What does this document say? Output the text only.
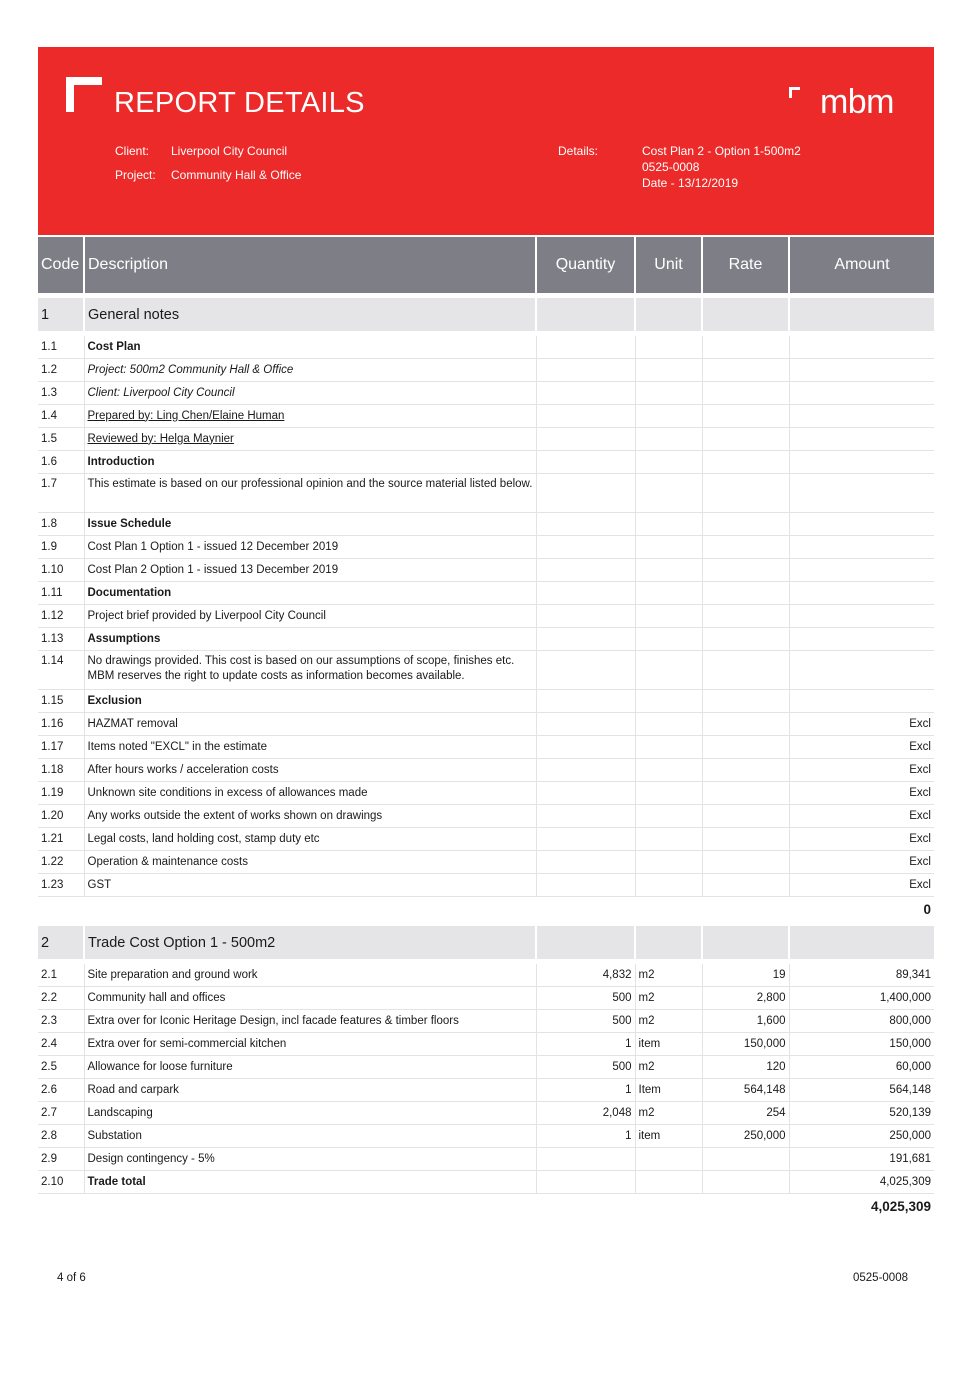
REPORT DETAILS	mbm
Client: Liverpool City Council
Project: Community Hall & Office
Details:	Cost Plan 2 - Option 1-500m2
0525-0008
Date - 13/12/2019
Code	Description	Quantity	Unit	Rate	Amount

1	General notes				

1.1	Cost Plan				
1.2	Project: 500m2 Community Hall & Office				
1.3	Client: Liverpool City Council				
1.4	Prepared by: Ling Chen/Elaine Human				
1.5	Reviewed by: Helga Maynier				
1.6	Introduction				
1.7	This estimate is based on our professional opinion and the source material listed below.				
1.8	Issue Schedule				
1.9	Cost Plan 1 Option 1 - issued 12 December 2019				
1.10	Cost Plan 2 Option 1 - issued 13 December 2019				
1.11	Documentation				
1.12	Project brief provided by Liverpool City Council				
1.13	Assumptions				
1.14	No drawings provided. This cost is based on our assumptions of scope, finishes etc. MBM reserves the right to update costs as information becomes available.				
1.15	Exclusion				
1.16	HAZMAT removal				Excl
1.17	Items noted "EXCL" in the estimate				Excl
1.18	After hours works / acceleration costs				Excl
1.19	Unknown site conditions in excess of allowances made				Excl
1.20	Any works outside the extent of works shown on drawings				Excl
1.21	Legal costs, land holding cost, stamp duty etc				Excl
1.22	Operation & maintenance costs				Excl
1.23	GST				Excl
0					

2	Trade Cost Option 1 - 500m2				

2.1	Site preparation and ground work	4,832	m2	19	89,341
2.2	Community hall and offices	500	m2	2,800	1,400,000
2.3	Extra over for Iconic Heritage Design, incl facade features & timber floors	500	m2	1,600	800,000
2.4	Extra over for semi-commercial kitchen	1	item	150,000	150,000
2.5	Allowance for loose furniture	500	m2	120	60,000
2.6	Road and carpark	1	Item	564,148	564,148
2.7	Landscaping	2,048	m2	254	520,139
2.8	Substation	1	item	250,000	250,000
2.9	Design contingency - 5%				191,681
2.10	Trade total				4,025,309
4,025,309					
4 of 6	0525-0008
